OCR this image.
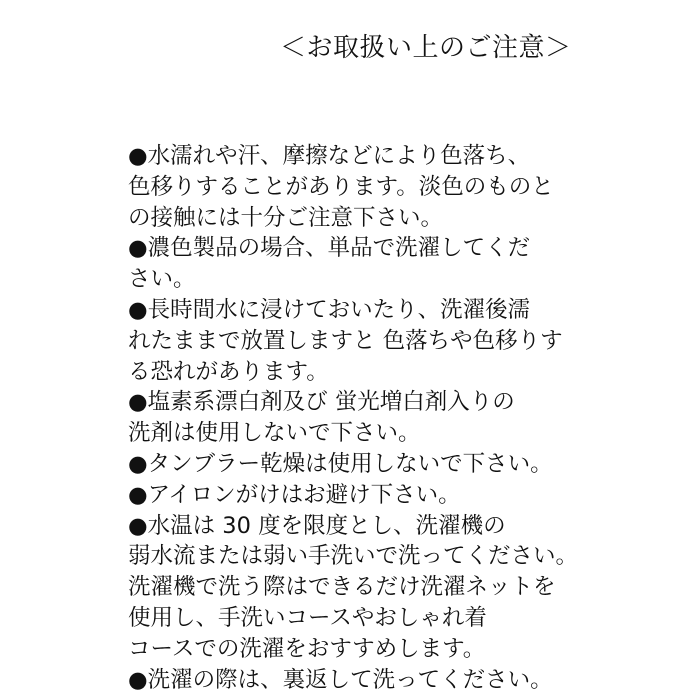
＜お取扱い上のご注意＞
●水濡れや汗、摩擦などにより色落ち、
色移りすることがあります。淡色のものと
の接触には十分ご注意下さい。
●濃色製品の場合、単品で洗濯してくだ
さい。
●長時間水に浸けておいたり、洗濯後濡
れたままで放置しますと 色落ちや色移りす
る恐れがあります。
●塩素系漂白剤及び 蛍光増白剤入りの
洗剤は使用しないで下さい。
●タンブラー乾燥は使用しないで下さい。
●アイロンがけはお避け下さい。
●水温は 30 度を限度とし、洗濯機の
弱水流または弱い手洗いで洗ってください。
洗濯機で洗う際はできるだけ洗濯ネットを
使用し、手洗いコースやおしゃれ着
コースでの洗濯をおすすめします。
●洗濯の際は、裏返して洗ってください。
